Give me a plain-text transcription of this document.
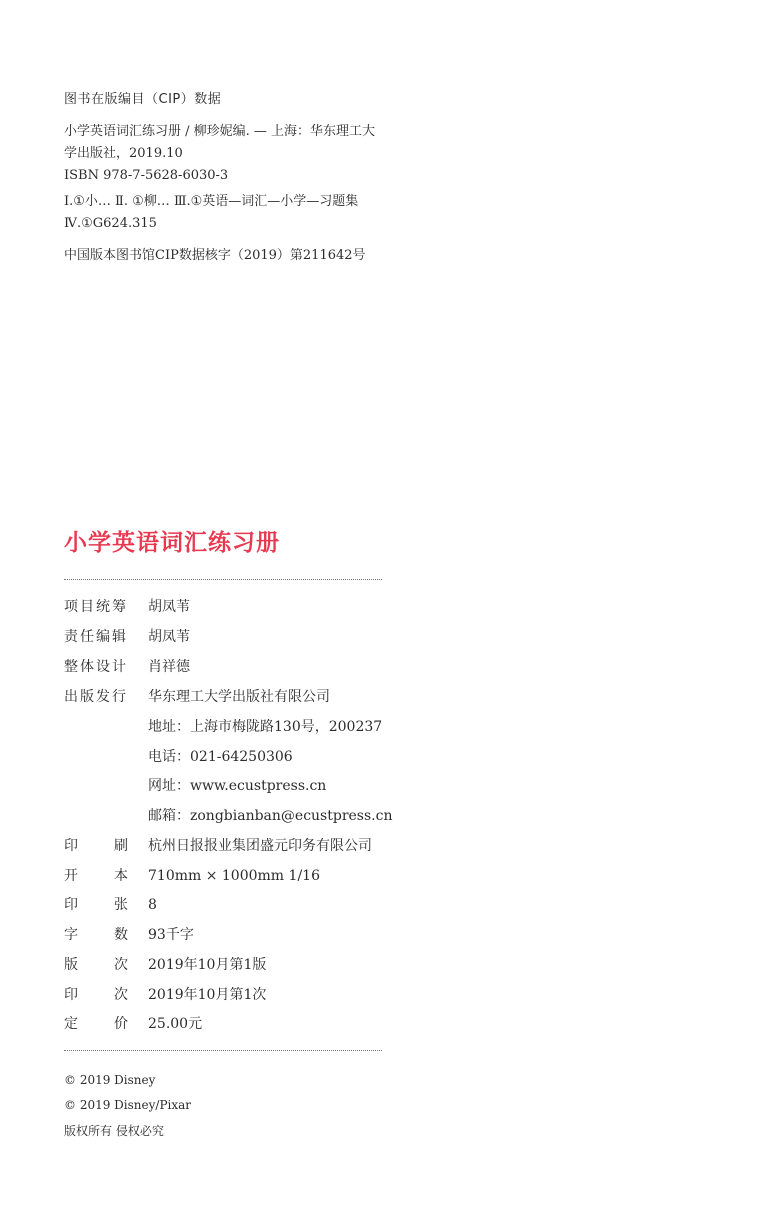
图书在版编目（CIP）数据
小学英语词汇练习册 / 柳珍妮编. — 上海：华东理工大
学出版社，2019.10
ISBN 978-7-5628-6030-3
Ⅰ.①小… Ⅱ. ①柳… Ⅲ.①英语—词汇—小学—习题集
Ⅳ.①G624.315
中国版本图书馆CIP数据核字（2019）第211642号
小学英语词汇练习册
项目统筹 胡凤苇
责任编辑 胡凤苇
整体设计 肖祥德
出版发行 华东理工大学出版社有限公司
地址：上海市梅陇路130号，200237
电话：021-64250306
网址：www.ecustpress.cn
邮箱：zongbianban@ecustpress.cn
印	刷 杭州日报报业集团盛元印务有限公司
开	本 710mm × 1000mm 1/16
印	张 8
字	数 93千字
版	次 2019年10月第1版
印	次 2019年10月第1次
定	价 25.00元
© 2019 Disney
© 2019 Disney/Pixar
版权所有 侵权必究
